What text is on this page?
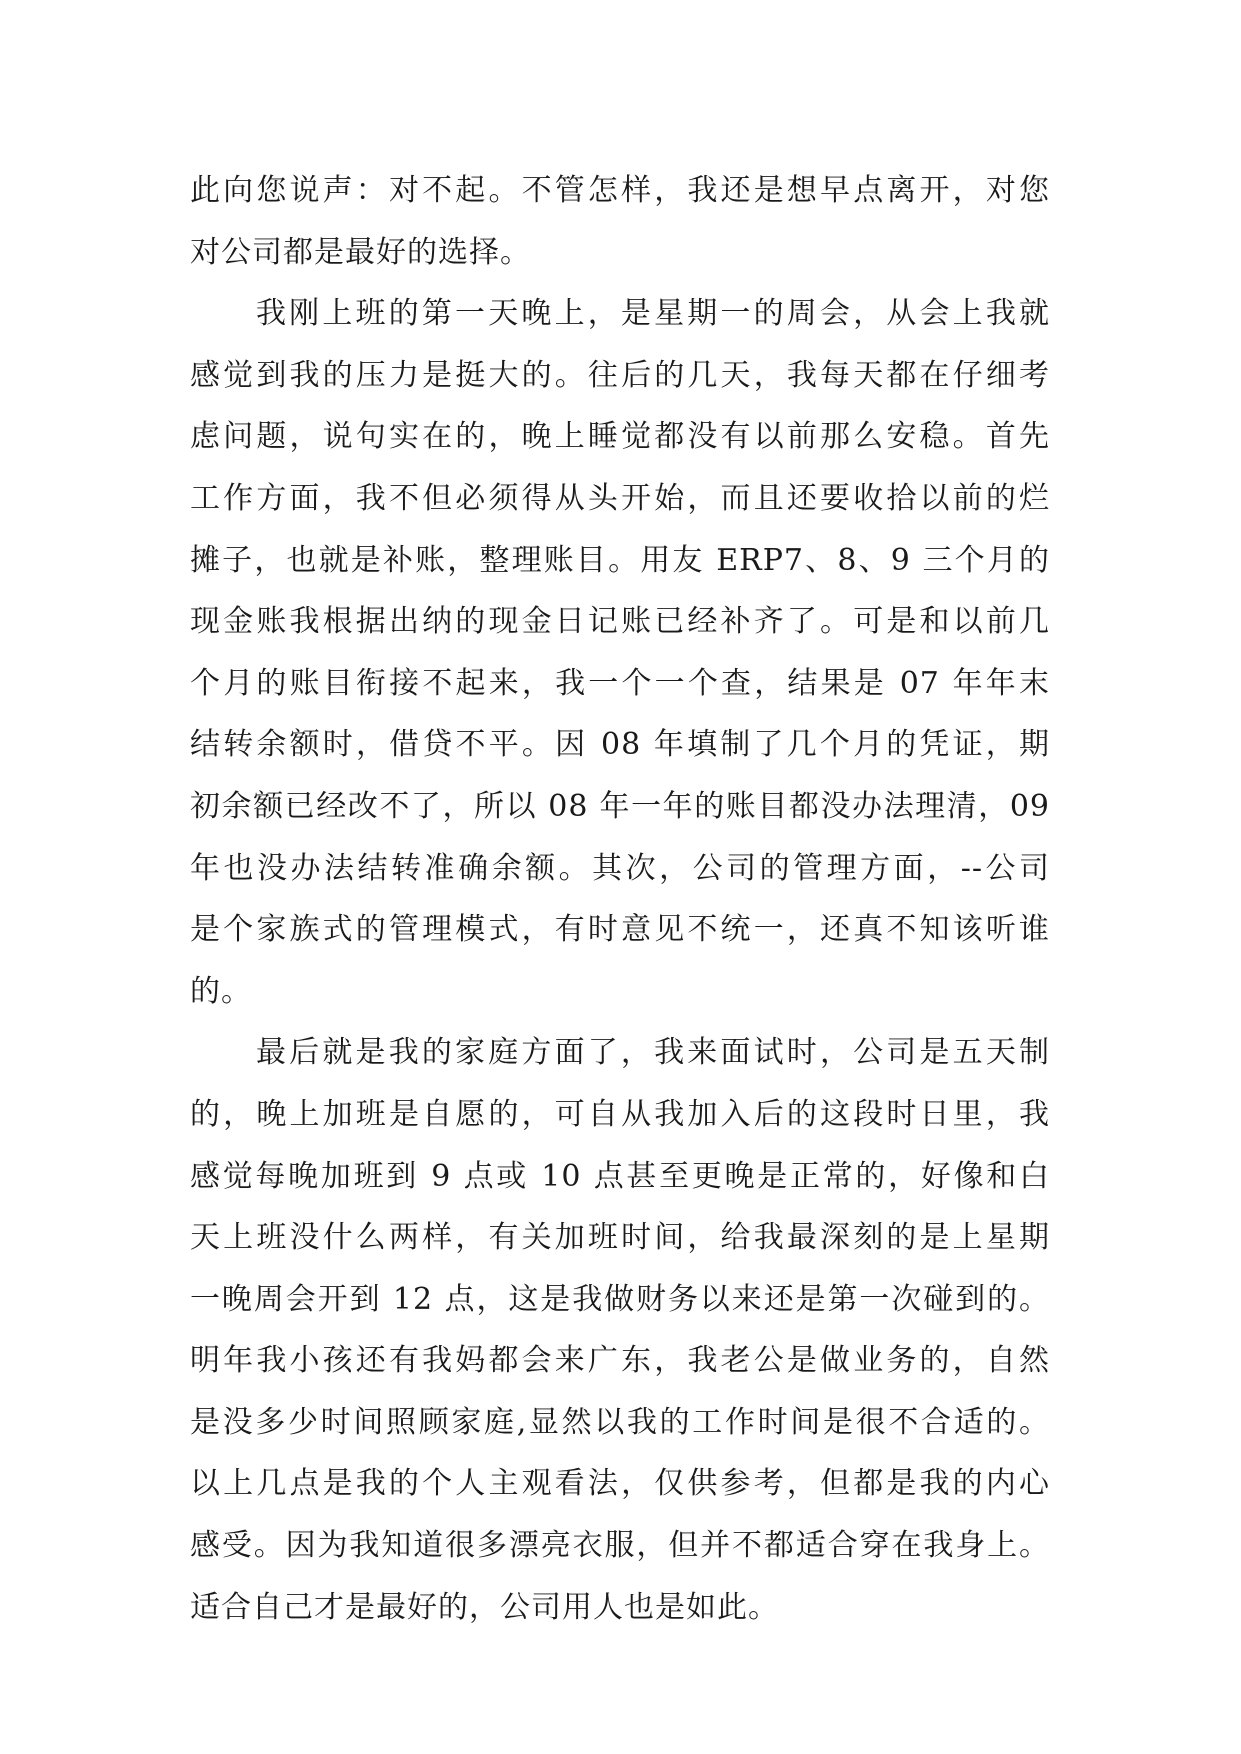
此向您说声：对不起。不管怎样，我还是想早点离开，对您
对公司都是最好的选择。
我刚上班的第一天晚上，是星期一的周会，从会上我就
感觉到我的压力是挺大的。往后的几天，我每天都在仔细考
虑问题，说句实在的，晚上睡觉都没有以前那么安稳。首先
工作方面，我不但必须得从头开始，而且还要收拾以前的烂
摊子，也就是补账，整理账目。用友 ERP7、8、9 三个月的
现金账我根据出纳的现金日记账已经补齐了。可是和以前几
个月的账目衔接不起来，我一个一个查，结果是 07 年年末
结转余额时，借贷不平。因 08 年填制了几个月的凭证，期
初余额已经改不了，所以 08 年一年的账目都没办法理清，09
年也没办法结转准确余额。其次，公司的管理方面，--公司
是个家族式的管理模式，有时意见不统一，还真不知该听谁
的。
最后就是我的家庭方面了，我来面试时，公司是五天制
的，晚上加班是自愿的，可自从我加入后的这段时日里，我
感觉每晚加班到 9 点或 10 点甚至更晚是正常的，好像和白
天上班没什么两样，有关加班时间，给我最深刻的是上星期
一晚周会开到 12 点，这是我做财务以来还是第一次碰到的。
明年我小孩还有我妈都会来广东，我老公是做业务的，自然
是没多少时间照顾家庭,显然以我的工作时间是很不合适的。
以上几点是我的个人主观看法，仅供参考，但都是我的内心
感受。因为我知道很多漂亮衣服，但并不都适合穿在我身上。
适合自己才是最好的，公司用人也是如此。
